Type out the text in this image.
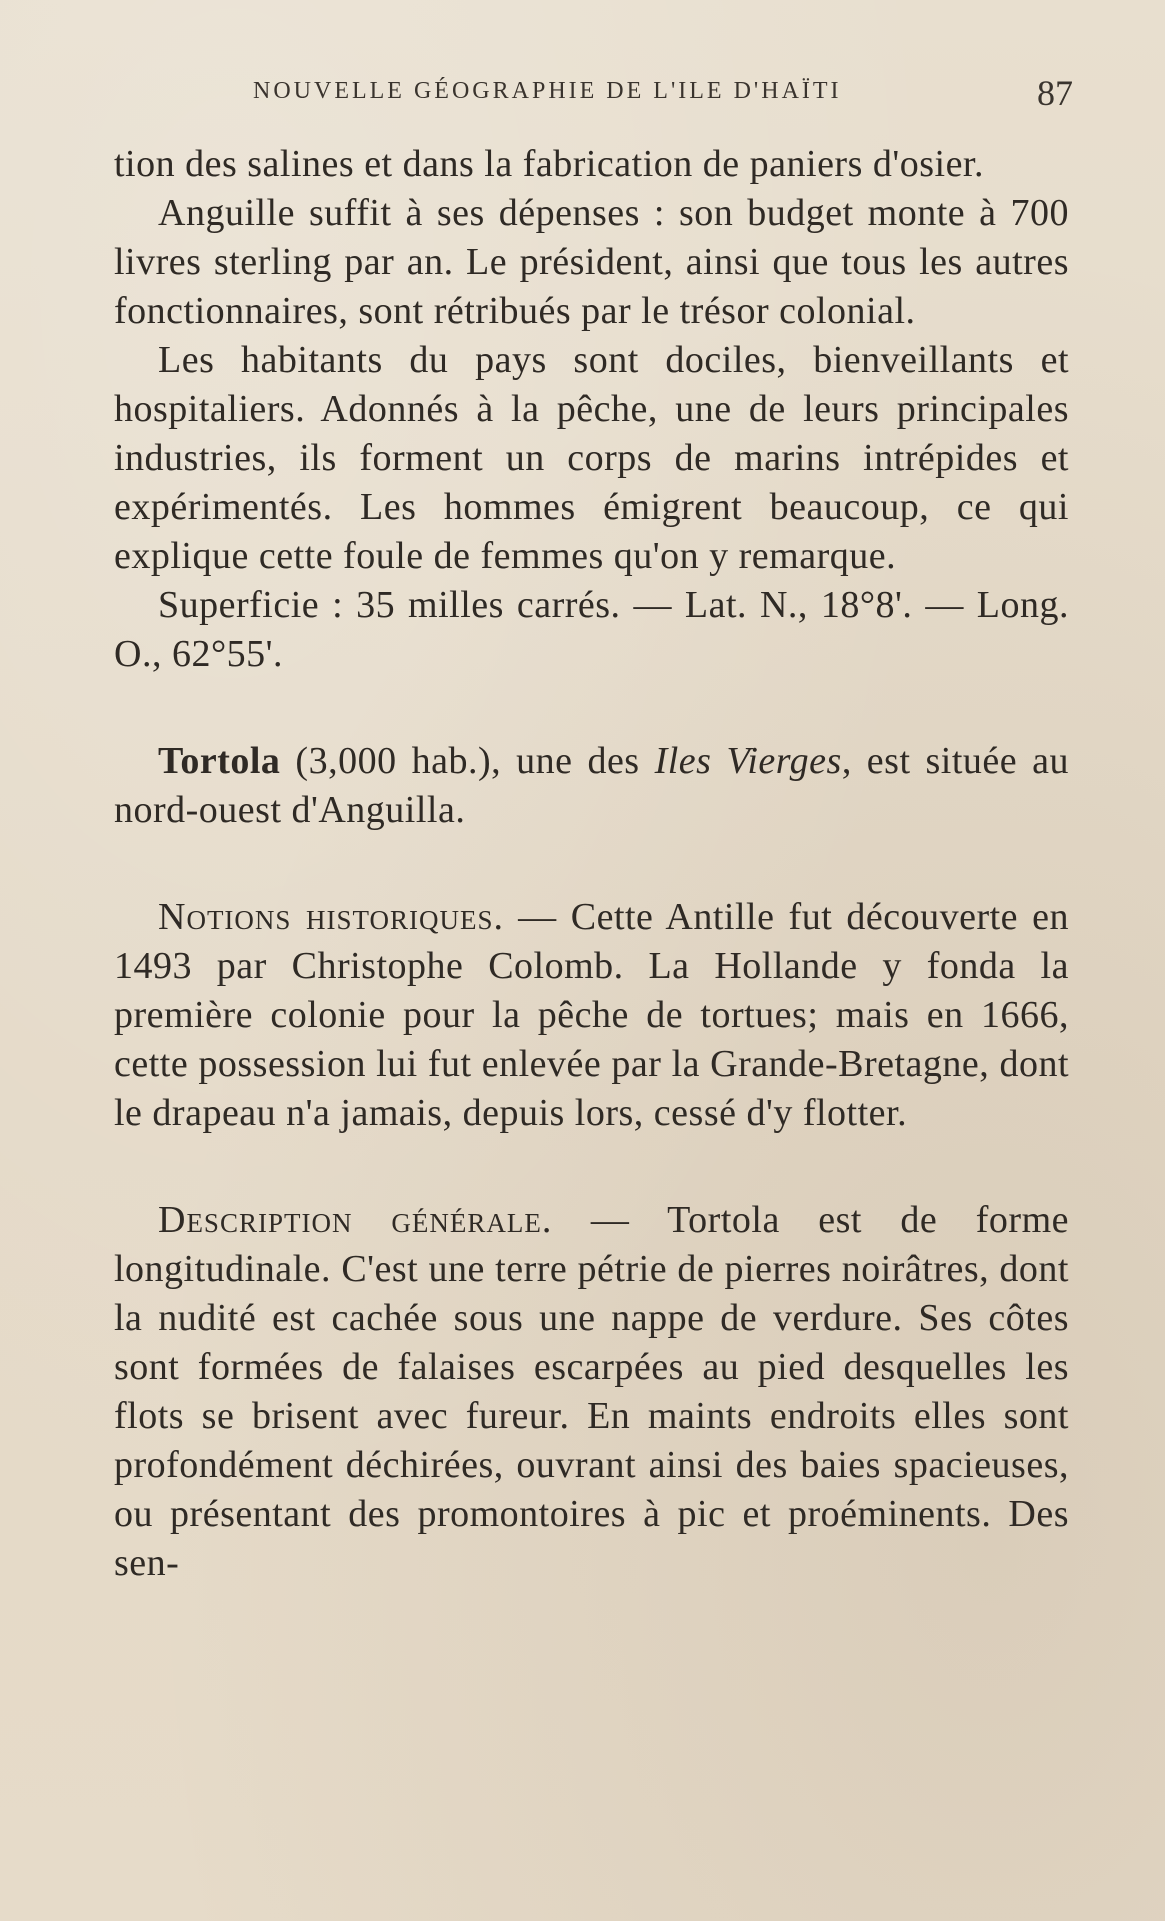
NOUVELLE GÉOGRAPHIE DE L'ILE D'HAÏTI	87

tion des salines et dans la fabrication de paniers d'osier.

Anguille suffit à ses dépenses : son budget monte à 700 livres sterling par an. Le président, ainsi que tous les autres fonctionnaires, sont rétribués par le trésor colonial.

Les habitants du pays sont dociles, bienveillants et hospitaliers. Adonnés à la pêche, une de leurs principales industries, ils forment un corps de marins intrépides et expérimentés. Les hommes émigrent beaucoup, ce qui explique cette foule de femmes qu'on y remarque.

Superficie : 35 milles carrés. — Lat. N., 18°8'. — Long. O., 62°55'.

Tortola (3,000 hab.), une des Iles Vierges, est située au nord-ouest d'Anguilla.

Notions historiques. — Cette Antille fut découverte en 1493 par Christophe Colomb. La Hollande y fonda la première colonie pour la pêche de tortues; mais en 1666, cette possession lui fut enlevée par la Grande-Bretagne, dont le drapeau n'a jamais, depuis lors, cessé d'y flotter.

Description générale. — Tortola est de forme longitudinale. C'est une terre pétrie de pierres noirâtres, dont la nudité est cachée sous une nappe de verdure. Ses côtes sont formées de falaises escarpées au pied desquelles les flots se brisent avec fureur. En maints endroits elles sont profondément déchirées, ouvrant ainsi des baies spacieuses, ou présentant des promontoires à pic et proéminents. Des sen-
